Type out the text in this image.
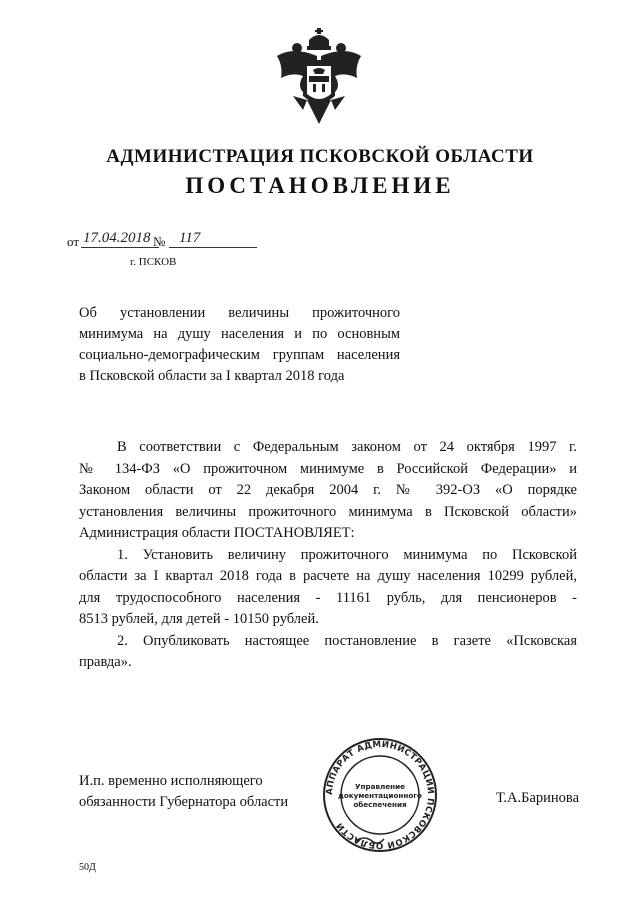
АДМИНИСТРАЦИЯ ПСКОВСКОЙ ОБЛАСТИ
ПОСТАНОВЛЕНИЕ
от 17.04.2018 № 117
г. ПСКОВ
Об установлении величины прожиточного
минимума на душу населения и по основным
социально-демографическим группам населения
в Псковской области за I квартал 2018 года
В соответствии с Федеральным законом от 24 октября 1997 г.
№ 134-ФЗ «О прожиточном минимуме в Российской Федерации» и
Законом области от 22 декабря 2004 г. № 392-ОЗ «О порядке
установления величины прожиточного минимума в Псковской области»
Администрация области ПОСТАНОВЛЯЕТ:
1. Установить величину прожиточного минимума по Псковской
области за I квартал 2018 года в расчете на душу населения 10299 рублей,
для трудоспособного населения - 11161 рубль, для пенсионеров -
8513 рублей, для детей - 10150 рублей.
2. Опубликовать настоящее постановление в газете «Псковская
правда».
И.п. временно исполняющего
обязанности Губернатора области
АППАРАТ АДМИНИСТРАЦИИ ПСКОВСКОЙ ОБЛАСТИ
Управление
документационного
обеспечения	Т.А.Баринова
50Д
